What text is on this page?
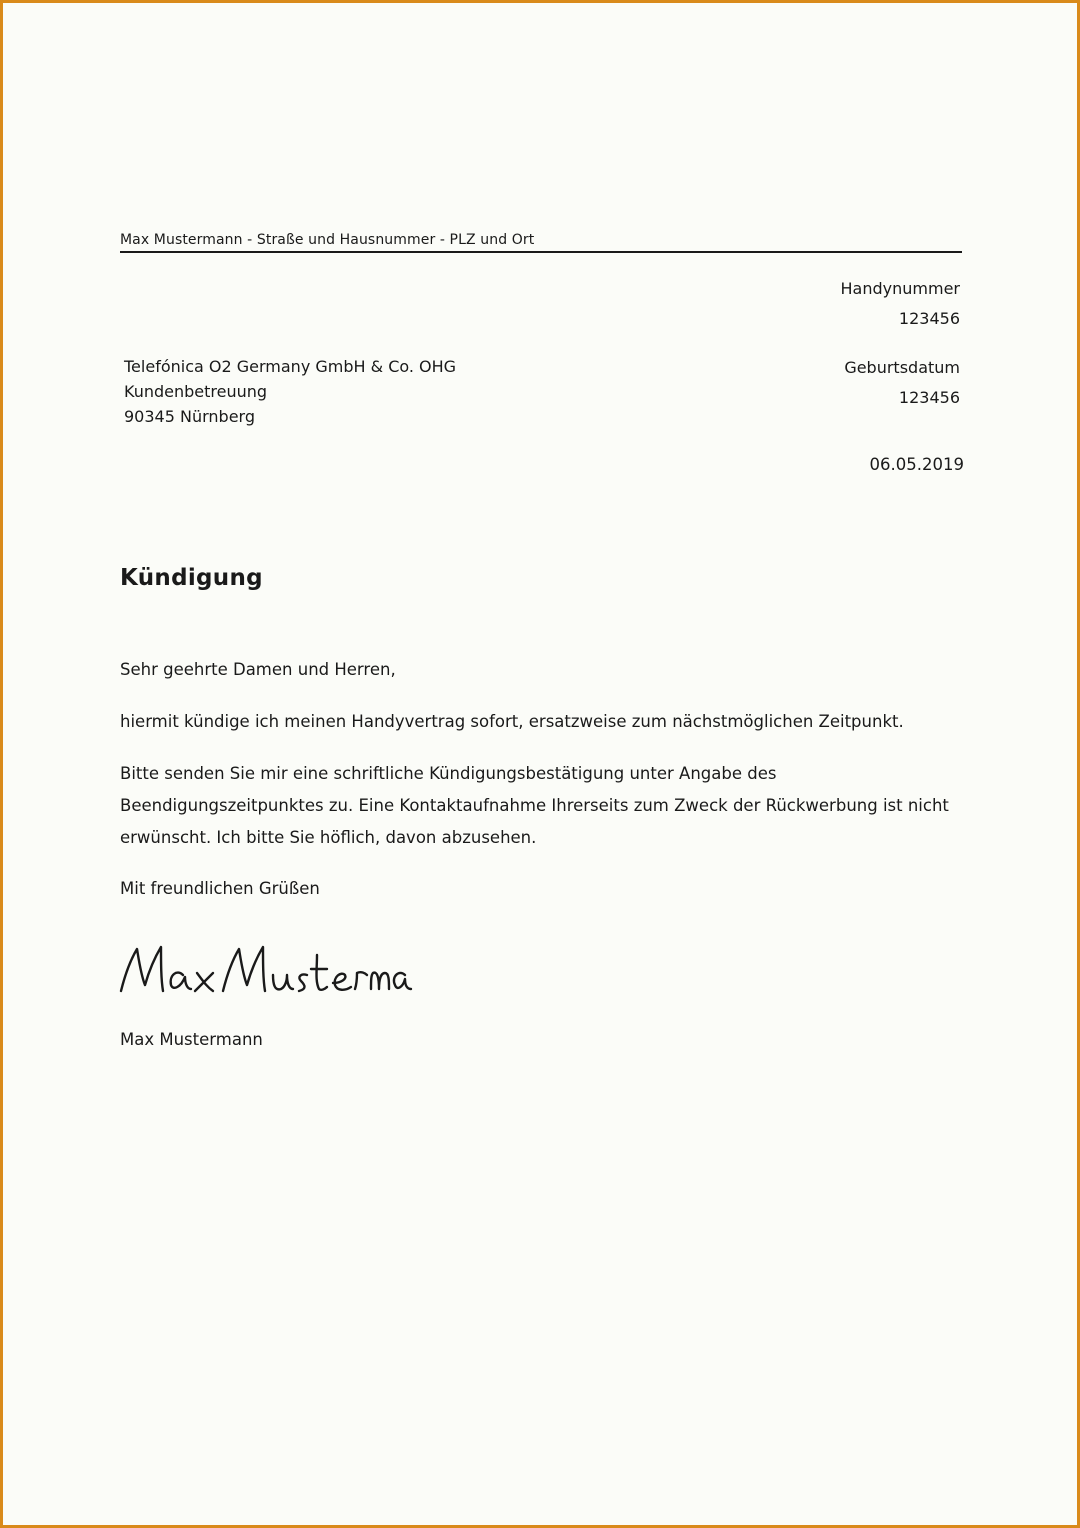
Max Mustermann - Straße und Hausnummer - PLZ und Ort
Handynummer
123456
Geburtsdatum
123456
Telefónica O2 Germany GmbH & Co. OHG
Kundenbetreuung
90345 Nürnberg
06.05.2019
Kündigung
Sehr geehrte Damen und Herren,
hiermit kündige ich meinen Handyvertrag sofort, ersatzweise zum nächstmöglichen Zeitpunkt.
Bitte senden Sie mir eine schriftliche Kündigungsbestätigung unter Angabe des
Beendigungszeitpunktes zu. Eine Kontaktaufnahme Ihrerseits zum Zweck der Rückwerbung ist nicht
erwünscht. Ich bitte Sie höflich, davon abzusehen.
Mit freundlichen Grüßen
Max Mustermann
